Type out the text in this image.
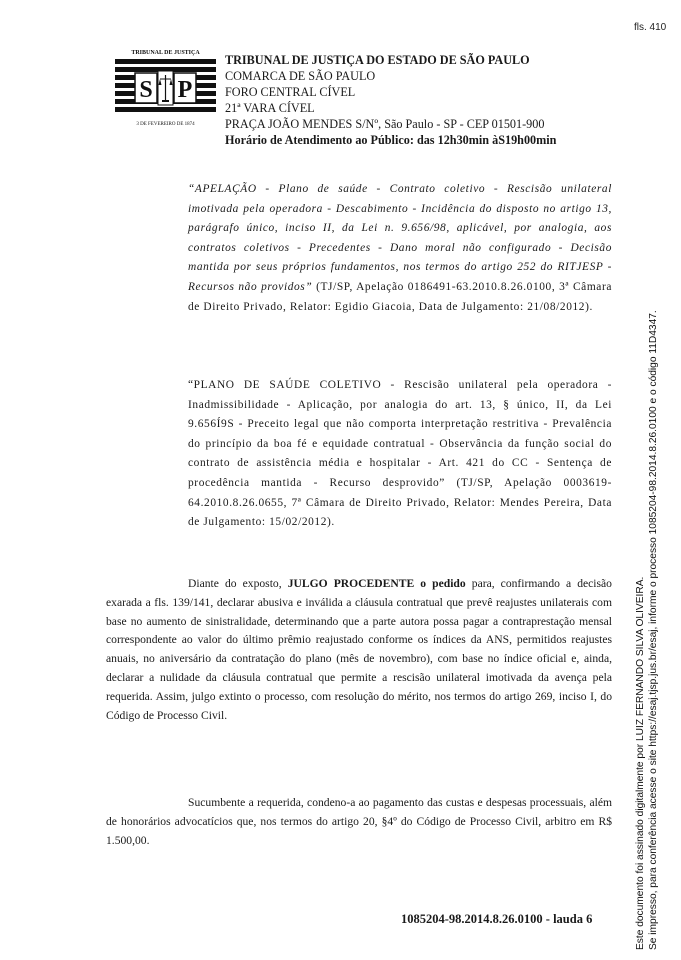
fls. 410
TRIBUNAL DE JUSTIÇA
S P
3 DE FEVEREIRO DE 1874
TRIBUNAL DE JUSTIÇA DO ESTADO DE SÃO PAULO
COMARCA DE SÃO PAULO
FORO CENTRAL CÍVEL
21ª VARA CÍVEL
PRAÇA JOÃO MENDES S/Nº, São Paulo - SP - CEP 01501-900
Horário de Atendimento ao Público: das 12h30min àS19h00min
“APELAÇÃO - Plano de saúde - Contrato coletivo - Rescisão unilateral imotivada pela operadora - Descabimento - Incidência do disposto no artigo 13, parágrafo único, inciso II, da Lei n. 9.656/98, aplicável, por analogia, aos contratos coletivos - Precedentes - Dano moral não configurado - Decisão mantida por seus próprios fundamentos, nos termos do artigo 252 do RITJESP - Recursos não providos” (TJ/SP, Apelação 0186491-63.2010.8.26.0100, 3ª Câmara de Direito Privado, Relator: Egidio Giacoia, Data de Julgamento: 21/08/2012).
“PLANO DE SAÚDE COLETIVO - Rescisão unilateral pela operadora - Inadmissibilidade - Aplicação, por analogia do art. 13, § único, II, da Lei 9.656Í9S - Preceito legal que não comporta interpretação restritiva - Prevalência do princípio da boa fé e equidade contratual - Observância da função social do contrato de assistência média e hospitalar - Art. 421 do CC - Sentença de procedência mantida - Recurso desprovido” (TJ/SP, Apelação 0003619-64.2010.8.26.0655, 7ª Câmara de Direito Privado, Relator: Mendes Pereira, Data de Julgamento: 15/02/2012).
Diante do exposto, JULGO PROCEDENTE o pedido para, confirmando a decisão exarada a fls. 139/141, declarar abusiva e inválida a cláusula contratual que prevê reajustes unilaterais com base no aumento de sinistralidade, determinando que a parte autora possa pagar a contraprestação mensal correspondente ao valor do último prêmio reajustado conforme os índices da ANS, permitidos reajustes anuais, no aniversário da contratação do plano (mês de novembro), com base no índice oficial e, ainda, declarar a nulidade da cláusula contratual que permite a rescisão unilateral imotivada da avença pela requerida. Assim, julgo extinto o processo, com resolução do mérito, nos termos do artigo 269, inciso I, do Código de Processo Civil.
Sucumbente a requerida, condeno-a ao pagamento das custas e despesas processuais, além de honorários advocatícios que, nos termos do artigo 20, §4º do Código de Processo Civil, arbitro em R$ 1.500,00.
1085204-98.2014.8.26.0100 - lauda 6	Este documento foi assinado digitalmente por LUIZ FERNANDO SILVA OLIVEIRA. Se impresso, para conferência acesse o site https://esaj.tjsp.jus.br/esaj, informe o processo 1085204-98.2014.8.26.0100 e o código 11D4347.
